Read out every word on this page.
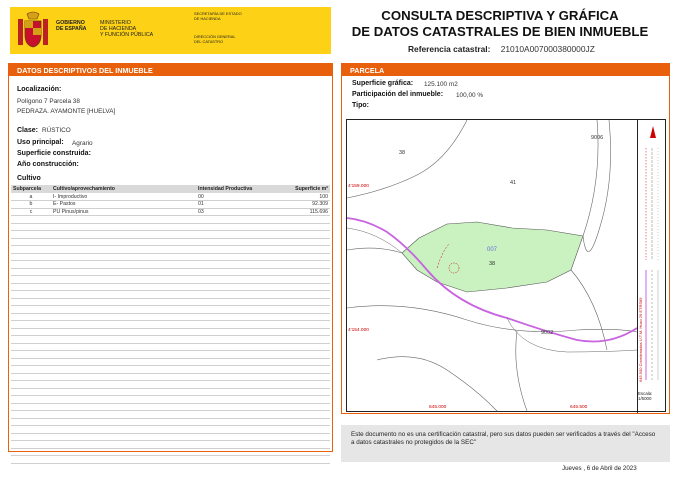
GOBIERNO
DE ESPAÑA
MINISTERIO
DE HACIENDA
Y FUNCIÓN PÚBLICA
SECRETARÍA DE ESTADO
DE HACIENDA
DIRECCIÓN GENERAL
DEL CATASTRO
CONSULTA DESCRIPTIVA Y GRÁFICA
DE DATOS CATASTRALES DE BIEN INMUEBLE
Referencia catastral: 21010A007000380000JZ
DATOS DESCRIPTIVOS DEL INMUEBLE
Localización:
Polígono 7 Parcela 38
PEDRAZA. AYAMONTE [HUELVA]
Clase: RÚSTICO
Uso principal: Agrario
Superficie construida:
Año construcción:
Cultivo
Subparcela	Cultivo/aprovechamiento	Intensidad Productiva	Superficie m²
a	I- Improductivo	00	100
b	E- Pastos	01	92.309
c	PU Pinus/pinus	03	115.696

PARCELA
Superficie gráfica: 125.100 m2
Participación del inmueble: 100,00 %
Tipo:
38
41
9006
007
38
9002
4'159.000
4'154.000
645.000	645.500
645.500 Coordenadas U.T.M. Huso 29 ETRS89
Escala:
1/5000
Este documento no es una certificación catastral, pero sus datos pueden ser verificados a través del "Acceso a datos catastrales no protegidos de la SEC"
Jueves , 6 de Abril de 2023
